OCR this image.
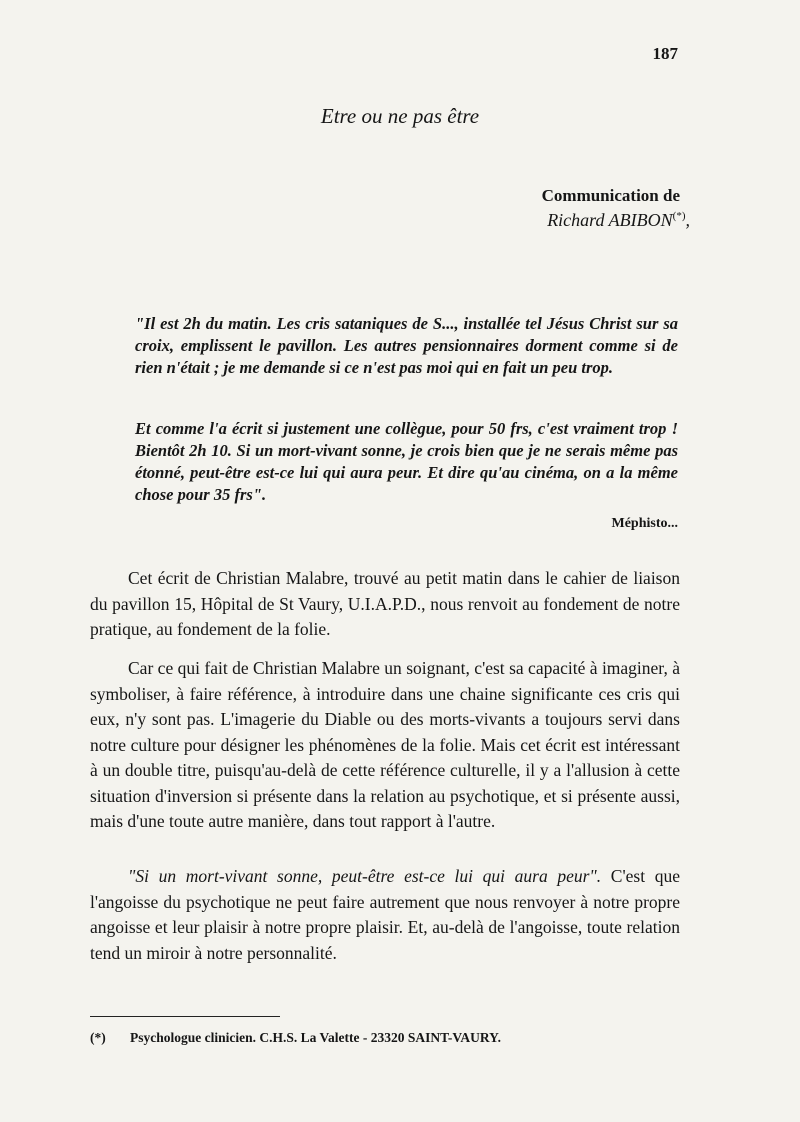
187
Etre ou ne pas être
Communication de
Richard ABIBON(*),

"Il est 2h du matin. Les cris sataniques de S..., installée tel Jésus Christ sur sa croix, emplissent le pavillon. Les autres pensionnaires dorment comme si de rien n'était ; je me demande si ce n'est pas moi qui en fait un peu trop.

Et comme l'a écrit si justement une collègue, pour 50 frs, c'est vraiment trop ! Bientôt 2h 10. Si un mort-vivant sonne, je crois bien que je ne serais même pas étonné, peut-être est-ce lui qui aura peur. Et dire qu'au cinéma, on a la même chose pour 35 frs".

Méphisto...

Cet écrit de Christian Malabre, trouvé au petit matin dans le cahier de liaison du pavillon 15, Hôpital de St Vaury, U.I.A.P.D., nous renvoit au fondement de notre pratique, au fondement de la folie.

Car ce qui fait de Christian Malabre un soignant, c'est sa capacité à imaginer, à symboliser, à faire référence, à introduire dans une chaine significante ces cris qui eux, n'y sont pas. L'imagerie du Diable ou des morts-vivants a toujours servi dans notre culture pour désigner les phénomènes de la folie. Mais cet écrit est intéressant à un double titre, puisqu'au-delà de cette référence culturelle, il y a l'allusion à cette situation d'inversion si présente dans la relation au psychotique, et si présente aussi, mais d'une toute autre manière, dans tout rapport à l'autre.

"Si un mort-vivant sonne, peut-être est-ce lui qui aura peur". C'est que l'angoisse du psychotique ne peut faire autrement que nous renvoyer à notre propre angoisse et leur plaisir à notre propre plaisir. Et, au-delà de l'angoisse, toute relation tend un miroir à notre personnalité.

(*) Psychologue clinicien. C.H.S. La Valette - 23320 SAINT-VAURY.
